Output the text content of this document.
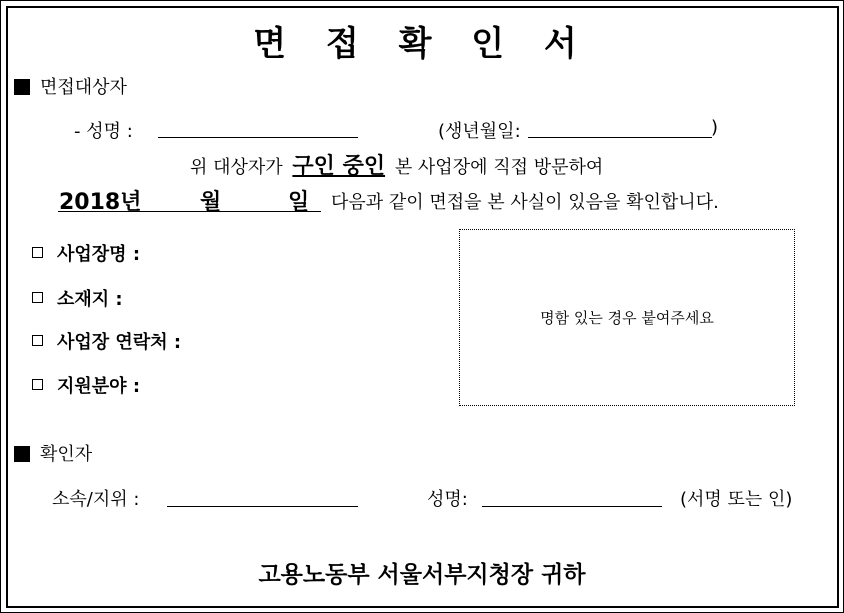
면 접 확 인 서
면접대상자
- 성명 :	(생년월일:	)
위 대상자가 구인 중인 본 사업장에 직접 방문하여
2018년	월	일 다음과 같이 면접을 본 사실이 있음을 확인합니다.
사업장명 :
소재지 :
사업장 연락처 :
지원분야 :
명함 있는 경우 붙여주세요
확인자
소속/지위 :	성명:	(서명 또는 인)
고용노동부 서울서부지청장 귀하
